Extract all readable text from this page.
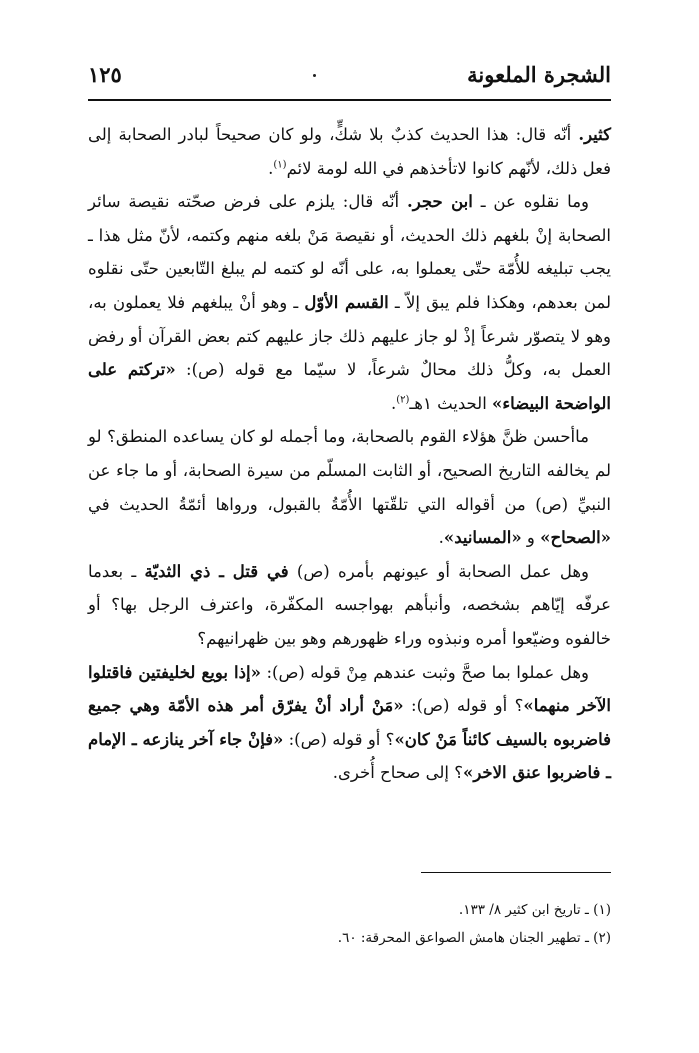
الشجرة الملعونة
١٢٥

كثير. أنّه قال: هذا الحديث كذبٌ بلا شكٍّ، ولو كان صحيحاً لبادر الصحابة إلى فعل ذلك، لأنّهم كانوا لاتأخذهم في الله لومة لائم$^{(١)}$.

وما نقلوه عن ـ ابن حجر. أنّه قال: يلزم على فرض صحّته نقيصة سائر الصحابة إنْ بلغهم ذلك الحديث، أو نقيصة مَنْ بلغه منهم وكتمه، لأنّ مثل هذا ـ يجب تبليغه للأُمّة حتّى يعملوا به، على أنّه لو كتمه لم يبلغ التّابعين حتّى نقلوه لمن بعدهم، وهكذا فلم يبق إلاّ ـ القسم الأوّل ـ وهو أنْ يبلغهم فلا يعملون به، وهو لا يتصوّر شرعاً إذْ لو جاز عليهم ذلك جاز عليهم كتم بعض القرآن أو رفض العمل به، وكلُّ ذلك محالٌ شرعاً، لا سيّما مع قوله (ص): «تركتم على الواضحة البيضاء» الحديث ١هـ$^{(٢)}$.

ماأحسن ظنَّ هؤلاء القوم بالصحابة، وما أجمله لو كان يساعده المنطق؟ لو لم يخالفه التاريخ الصحيح، أو الثابت المسلّم من سيرة الصحابة، أو ما جاء عن النبيِّ (ص) من أقواله التي تلقّتها الأُمّةُ بالقبول، ورواها أئمّةُ الحديث في «الصحاح» و «المسانيد».

وهل عمل الصحابة أو عيونهم بأمره (ص) في قتل ـ ذي الثديّة ـ بعدما عرفّه إيّاهم بشخصه، وأنبأهم بهواجسه المكفّرة، واعترف الرجل بها؟ أو خالفوه وضيّعوا أمره ونبذوه وراء ظهورهم وهو بين ظهرانيهم؟

وهل عملوا بما صحَّ وثبت عندهم مِنْ قوله (ص): «إذا بويع لخليفتين فاقتلوا الآخر منهما»؟ أو قوله (ص): «مَنْ أراد أنْ يفرّق أمر هذه الأمّة وهي جميع فاضربوه بالسيف كائناً مَنْ كان»؟ أو قوله (ص): «فإنْ جاء آخر ينازعه ـ الإمام ـ فاضربوا عنق الاخر»؟ إلى صحاح أُخرى.

(١) ـ تاريخ ابن كثير ٨/ ١٣٣.
(٢) ـ تطهير الجنان هامش الصواعق المحرقة: ٦٠.
